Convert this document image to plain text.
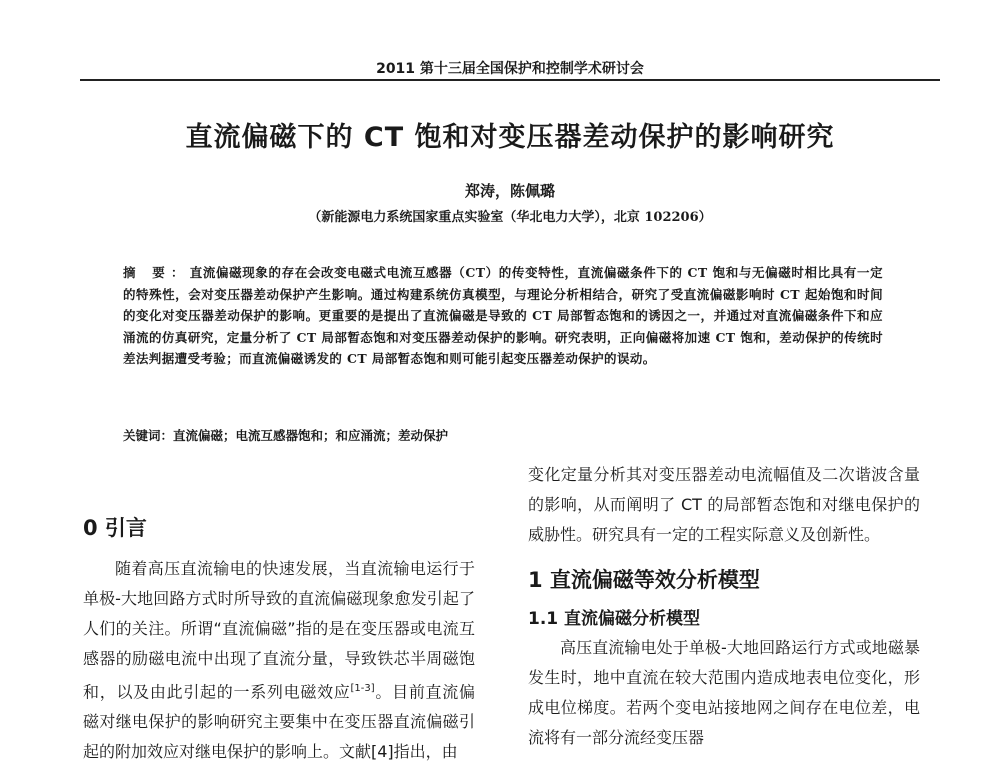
2011 第十三届全国保护和控制学术研讨会
直流偏磁下的 CT 饱和对变压器差动保护的影响研究
郑涛，陈佩璐
（新能源电力系统国家重点实验室（华北电力大学），北京 102206）
摘 要：直流偏磁现象的存在会改变电磁式电流互感器（CT）的传变特性，直流偏磁条件下的 CT 饱和与无偏磁时相比具有一定的特殊性，会对变压器差动保护产生影响。通过构建系统仿真模型，与理论分析相结合，研究了受直流偏磁影响时 CT 起始饱和时间的变化对变压器差动保护的影响。更重要的是提出了直流偏磁是导致的 CT 局部暂态饱和的诱因之一，并通过对直流偏磁条件下和应涌流的仿真研究，定量分析了 CT 局部暂态饱和对变压器差动保护的影响。研究表明，正向偏磁将加速 CT 饱和，差动保护的传统时差法判据遭受考验；而直流偏磁诱发的 CT 局部暂态饱和则可能引起变压器差动保护的误动。
关键词：直流偏磁；电流互感器饱和；和应涌流；差动保护
0 引言

随着高压直流输电的快速发展，当直流输电运行于单极-大地回路方式时所导致的直流偏磁现象愈发引起了人们的关注。所谓“直流偏磁”指的是在变压器或电流互感器的励磁电流中出现了直流分量，导致铁芯半周磁饱和，以及由此引起的一系列电磁效应[1-3]。目前直流偏磁对继电保护的影响研究主要集中在变压器直流偏磁引起的附加效应对继电保护的影响上。文献[4]指出，由

变化定量分析其对变压器差动电流幅值及二次谐波含量的影响，从而阐明了 CT 的局部暂态饱和对继电保护的威胁性。研究具有一定的工程实际意义及创新性。

1 直流偏磁等效分析模型
1.1 直流偏磁分析模型

高压直流输电处于单极-大地回路运行方式或地磁暴发生时，地中直流在较大范围内造成地表电位变化，形成电位梯度。若两个变电站接地网之间存在电位差，电流将有一部分流经变压器
